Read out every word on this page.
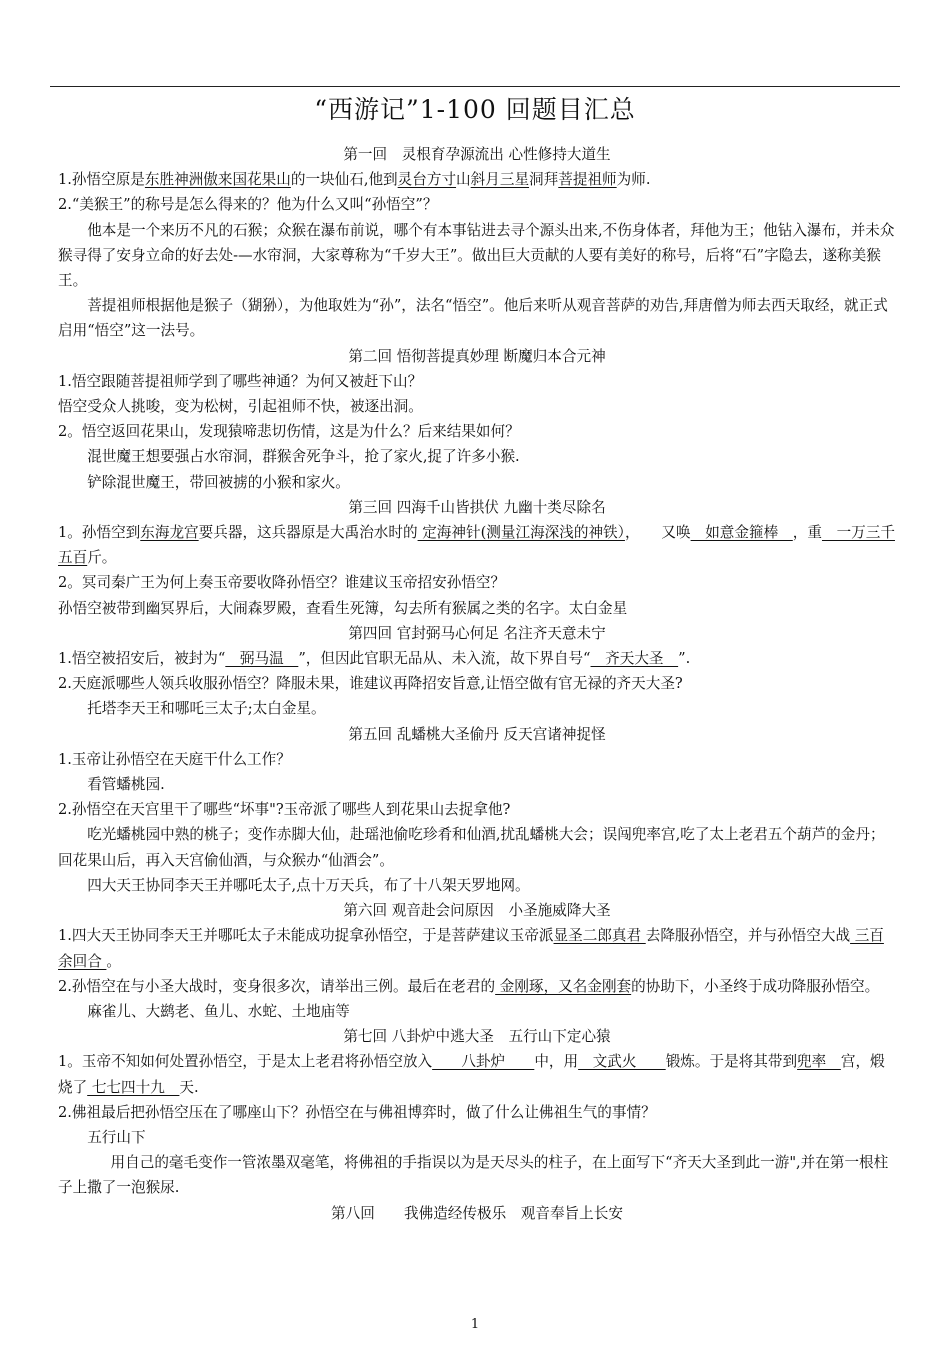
“西游记”1-100 回题目汇总

第一回　灵根育孕源流出 心性修持大道生

1.孙悟空原是东胜神洲傲来国花果山的一块仙石,他到灵台方寸山斜月三星洞拜菩提祖师为师.

2.“美猴王”的称号是怎么得来的？他为什么又叫“孙悟空”？

他本是一个来历不凡的石猴；众猴在瀑布前说，哪个有本事钻进去寻个源头出来,不伤身体者，拜他为王；他钻入瀑布，并未众猴寻得了安身立命的好去处-—水帘洞，大家尊称为“千岁大王”。做出巨大贡献的人要有美好的称号，后将“石”字隐去，遂称美猴王。

菩提祖师根据他是猴子（猢狲），为他取姓为“孙”，法名“悟空”。他后来听从观音菩萨的劝告,拜唐僧为师去西天取经，就正式启用“悟空”这一法号。

第二回 悟彻菩提真妙理 断魔归本合元神

1.悟空跟随菩提祖师学到了哪些神通？为何又被赶下山？

悟空受众人挑唆，变为松树，引起祖师不快，被逐出洞。

2。悟空返回花果山，发现猿啼悲切伤情，这是为什么？后来结果如何？

混世魔王想要强占水帘洞，群猴舍死争斗，抢了家火,捉了许多小猴.

铲除混世魔王，带回被掳的小猴和家火。

第三回 四海千山皆拱伏 九幽十类尽除名

1。孙悟空到东海龙宫要兵器，这兵器原是大禹治水时的 定海神针(测量江海深浅的神铁），　　又唤　如意金箍棒　，重　一万三千五百斤。

2。冥司秦广王为何上奏玉帝要收降孙悟空？谁建议玉帝招安孙悟空？

孙悟空被带到幽冥界后，大闹森罗殿，查看生死簿，勾去所有猴属之类的名字。太白金星

第四回 官封弼马心何足 名注齐天意未宁

1.悟空被招安后，被封为“　弼马温　”，但因此官职无品从、未入流，故下界自号“　齐天大圣　”.

2.天庭派哪些人领兵收服孙悟空？降服未果，谁建议再降招安旨意,让悟空做有官无禄的齐天大圣?

托塔李天王和哪吒三太子;太白金星。

第五回 乱蟠桃大圣偷丹 反天宫诸神捉怪

1.玉帝让孙悟空在天庭干什么工作？

看管蟠桃园.

2.孙悟空在天宫里干了哪些“坏事"?玉帝派了哪些人到花果山去捉拿他?

吃光蟠桃园中熟的桃子；变作赤脚大仙，赴瑶池偷吃珍肴和仙酒,扰乱蟠桃大会；误闯兜率宫,吃了太上老君五个葫芦的金丹；回花果山后，再入天宫偷仙酒，与众猴办“仙酒会”。

四大天王协同李天王并哪吒太子,点十万天兵，布了十八架天罗地网。

第六回 观音赴会问原因　小圣施威降大圣

1.四大天王协同李天王并哪吒太子未能成功捉拿孙悟空，于是菩萨建议玉帝派显圣二郎真君 去降服孙悟空，并与孙悟空大战 三百余回合 。

2.孙悟空在与小圣大战时，变身很多次，请举出三例。最后在老君的 金刚琢，又名金刚套的协助下，小圣终于成功降服孙悟空。

麻雀儿、大鹚老、鱼儿、水蛇、土地庙等

第七回 八卦炉中逃大圣　五行山下定心猿

1。玉帝不知如何处置孙悟空，于是太上老君将孙悟空放入　　八卦炉　　中，用　文武火　　锻炼。于是将其带到兜率　宫，煅烧了 七七四十九　天.

2.佛祖最后把孙悟空压在了哪座山下？孙悟空在与佛祖博弈时，做了什么让佛祖生气的事情？

五行山下

用自己的毫毛变作一管浓墨双毫笔，将佛祖的手指误以为是天尽头的柱子，在上面写下“齐天大圣到此一游",并在第一根柱子上撒了一泡猴尿.

第八回　　我佛造经传极乐　观音奉旨上长安

1
